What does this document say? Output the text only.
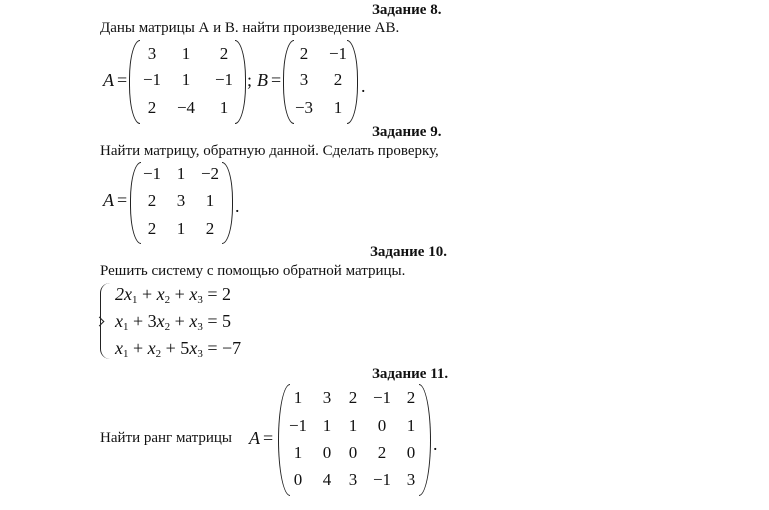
Задание 8.
Даны матрицы А и В. найти произведение АВ.
A =
3	1	2
−1	1	−1
2	−4	1
; B =
2	−1
3	2
−3	1
.
Задание 9.
Найти матрицу, обратную данной. Сделать проверку,
A =
−1 1 −2
2	3	1
2	1	2
.
Задание 10.
Решить систему с помощью обратной матрицы.
$2x_1 + x_2 + x_3 = 2$
$x_1 + 3x_2 + x_3 = 5$
$x_1 + x_2 + 5x_3 = -7$
Задание 11.
Найти ранг матрицы A =
1	3	2 −1 2
−1 1	1	0	1
1	0	0	2	0
0	4	3 −1 3
.
